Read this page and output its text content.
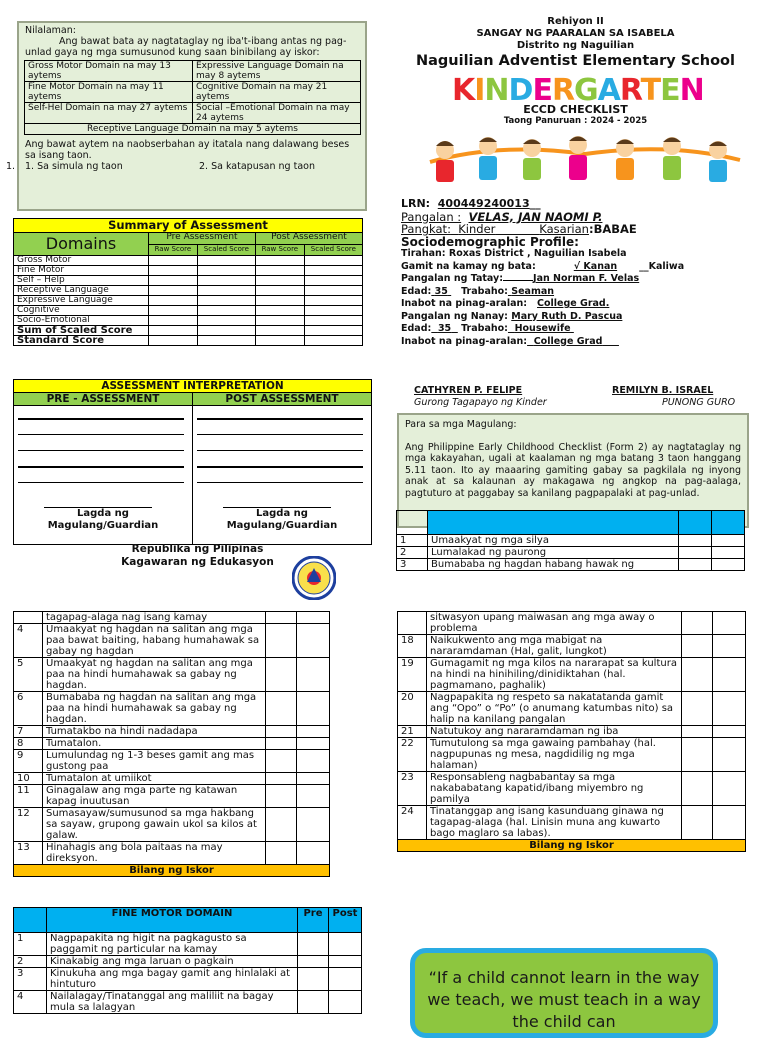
Nilalaman:
Ang bawat bata ay nagtataglay ng iba't-ibang antas ng pag-unlad gaya ng mga sumusunod kung saan binibilang ay iskor:
Gross Motor Domain na may 13 aytems	Expressive Language Domain na may 8 aytems
Fine Motor Domain na may 11 aytems	Cognitive Domain na may 21 aytems
Self-Hel Domain na may 27 aytems	Social –Emotional Domain na may 24 aytems
Receptive Language Domain na may 5 aytems	
Ang bawat aytem na naobserbahan ay itatala nang dalawang beses sa isang taon.
1. 1. Sa simula ng taon	2. Sa katapusan ng taon
Rehiyon II
SANGAY NG PAARALAN SA ISABELA
Distrito ng Naguilian
Naguilian Adventist Elementary School
KINDERGARTEN
ECCD CHECKLIST
Taong Panuruan : 2024 - 2025
LRN: 400449240013__
Pangalan : VELAS, JAN NAOMI P.
Pangkat: Kinder	Kasarian:BABAE
Sociodemographic Profile:
Tirahan: Roxas District , Naguilian Isabela
Gamit na kamay ng bata:	√ Kanan __Kaliwa
Pangalan ng Tatay:	Jan Norman F. Velas
Edad: 35 Trabaho: Seaman
Inabot na pinag-aralan: College Grad.
Pangalan ng Nanay: Mary Ruth D. Pascua
Edad: 35 Trabaho: Housewife
Inabot na pinag-aralan: College Grad
CATHYREN P. FELIPE
Gurong Tagapayo ng Kinder
REMILYN B. ISRAEL
PUNONG GURO
Summary of Assessment				
Domains	Pre Assessment		Post Assessment	
	Raw Score	Scaled Score	Raw Score	Scaled Score
Gross Motor				
Fine Motor				
Self – Help				
Receptive Language				
Expressive Language				
Cognitive				
Socio-Emotional				
Sum of Scaled Score				
Standard Score				
ASSESSMENT INTERPRETATION
PRE - ASSESSMENT	POST ASSESSMENT
Lagda ng
Magulang/Guardian
Lagda ng
Magulang/Guardian
Republika ng Pilipinas
Kagawaran ng Edukasyon
Para sa mga Magulang:
Ang Philippine Early Childhood Checklist (Form 2) ay nagtataglay ng mga kakayahan, ugali at kaalaman ng mga batang 3 taon hanggang 5.11 taon. Ito ay maaaring gamiting gabay sa pagkilala ng inyong anak at sa kalaunan ay makagawa ng angkop na pag-aalaga, pagtuturo at paggabay sa kanilang pagpapalaki at pag-unlad.

1	Umaakyat ng mga silya		
2	Lumalakad ng paurong		
3	Bumababa ng hagdan habang hawak ng		
	tagapag-alaga nag isang kamay		
4	Umaakyat ng hagdan na salitan ang mga paa bawat baiting, habang humahawak sa gabay ng hagdan		
5	Umaakyat ng hagdan na salitan ang mga paa na hindi humahawak sa gabay ng hagdan.		
6	Bumababa ng hagdan na salitan ang mga paa na hindi humahawak sa gabay ng hagdan.		
7	Tumatakbo na hindi nadadapa		
8	Tumatalon.		
9	Lumulundag ng 1-3 beses gamit ang mas gustong paa		
10	Tumatalon at umiikot		
11	Ginagalaw ang mga parte ng katawan kapag inuutusan		
12	Sumasayaw/sumusunod sa mga hakbang sa sayaw, grupong gawain ukol sa kilos at galaw.		
13	Hinahagis ang bola paitaas na may direksyon.		
Bilang ng Iskor			
	FINE MOTOR DOMAIN	Pre	Post
1	Nagpapakita ng higit na pagkagusto sa paggamit ng particular na kamay		
2	Kinakabig ang mga laruan o pagkain		
3	Kinukuha ang mga bagay gamit ang hinlalaki at hintuturo		
4	Nailalagay/Tinatanggal ang maliliit na bagay mula sa lalagyan		
	sitwasyon upang maiwasan ang mga away o problema		
18	Naikukwento ang mga mabigat na nararamdaman (Hal, galit, lungkot)		
19	Gumagamit ng mga kilos na nararapat sa kultura na hindi na hinihiling/dinidiktahan (hal. pagmamano, paghalik)		
20	Nagpapakita ng respeto sa nakatatanda gamit ang “Opo” o “Po” (o anumang katumbas nito) sa halip na kanilang pangalan		
21	Natutukoy ang nararamdaman ng iba		
22	Tumutulong sa mga gawaing pambahay (hal. nagpupunas ng mesa, nagdidilig ng mga halaman)		
23	Responsableng nagbabantay sa mga nakababatang kapatid/ibang miyembro ng pamilya		
24	Tinatanggap ang isang kasunduang ginawa ng tagapag-alaga (hal. Linisin muna ang kuwarto bago maglaro sa labas).		
Bilang ng Iskor			
“If a child cannot learn in the way we teach, we must teach in a way the child can
